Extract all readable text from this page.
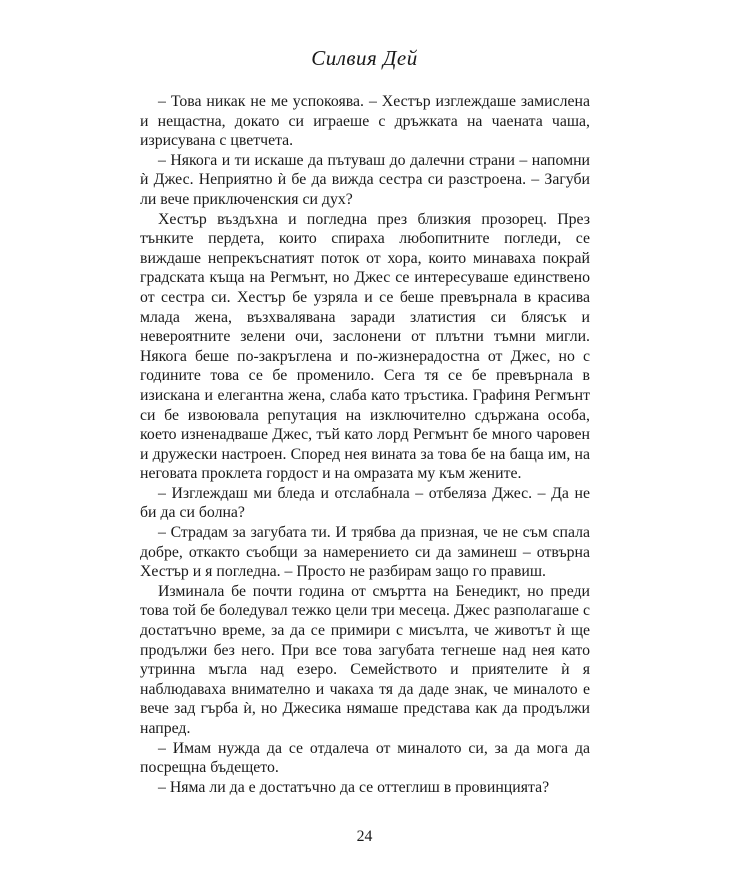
Силвия Дей

– Това никак не ме успокоява. – Хестър изглеждаше замислена и нещастна, докато си играеше с дръжката на чаената чаша, изрисувана с цветчета.

– Някога и ти искаше да пътуваш до далечни страни – напомни ѝ Джес. Неприятно ѝ бе да вижда сестра си разстроена. – Загуби ли вече приключенския си дух?

Хестър въздъхна и погледна през близкия прозорец. През тънките пердета, които спираха любопитните погледи, се виждаше непрекъснатият поток от хора, които минаваха покрай градската къща на Регмънт, но Джес се интересуваше единствено от сестра си. Хестър бе узряла и се беше превърнала в красива млада жена, възхвалявана заради златистия си блясък и невероятните зелени очи, заслонени от плътни тъмни мигли. Някога беше по-закръглена и по-жизнерадостна от Джес, но с годините това се бе променило. Сега тя се бе превърнала в изискана и елегантна жена, слаба като тръстика. Графиня Регмънт си бе извоювала репутация на изключително сдържана особа, което изненадваше Джес, тъй като лорд Регмънт бе много чаровен и дружески настроен. Според нея вината за това бе на баща им, на неговата проклета гордост и на омразата му към жените.

– Изглеждаш ми бледа и отслабнала – отбеляза Джес. – Да не би да си болна?

– Страдам за загубата ти. И трябва да призная, че не съм спала добре, откакто съобщи за намерението си да заминеш – отвърна Хестър и я погледна. – Просто не разбирам защо го правиш.

Изминала бе почти година от смъртта на Бенедикт, но преди това той бе боледувал тежко цели три месеца. Джес разполагаше с достатъчно време, за да се примири с мисълта, че животът ѝ ще продължи без него. При все това загубата тегнеше над нея като утринна мъгла над езеро. Семейството и приятелите ѝ я наблюдаваха внимателно и чакаха тя да даде знак, че миналото е вече зад гърба ѝ, но Джесика нямаше представа как да продължи напред.

– Имам нужда да се отдалеча от миналото си, за да мога да посрещна бъдещето.

– Няма ли да е достатъчно да се оттеглиш в провинцията?

24
